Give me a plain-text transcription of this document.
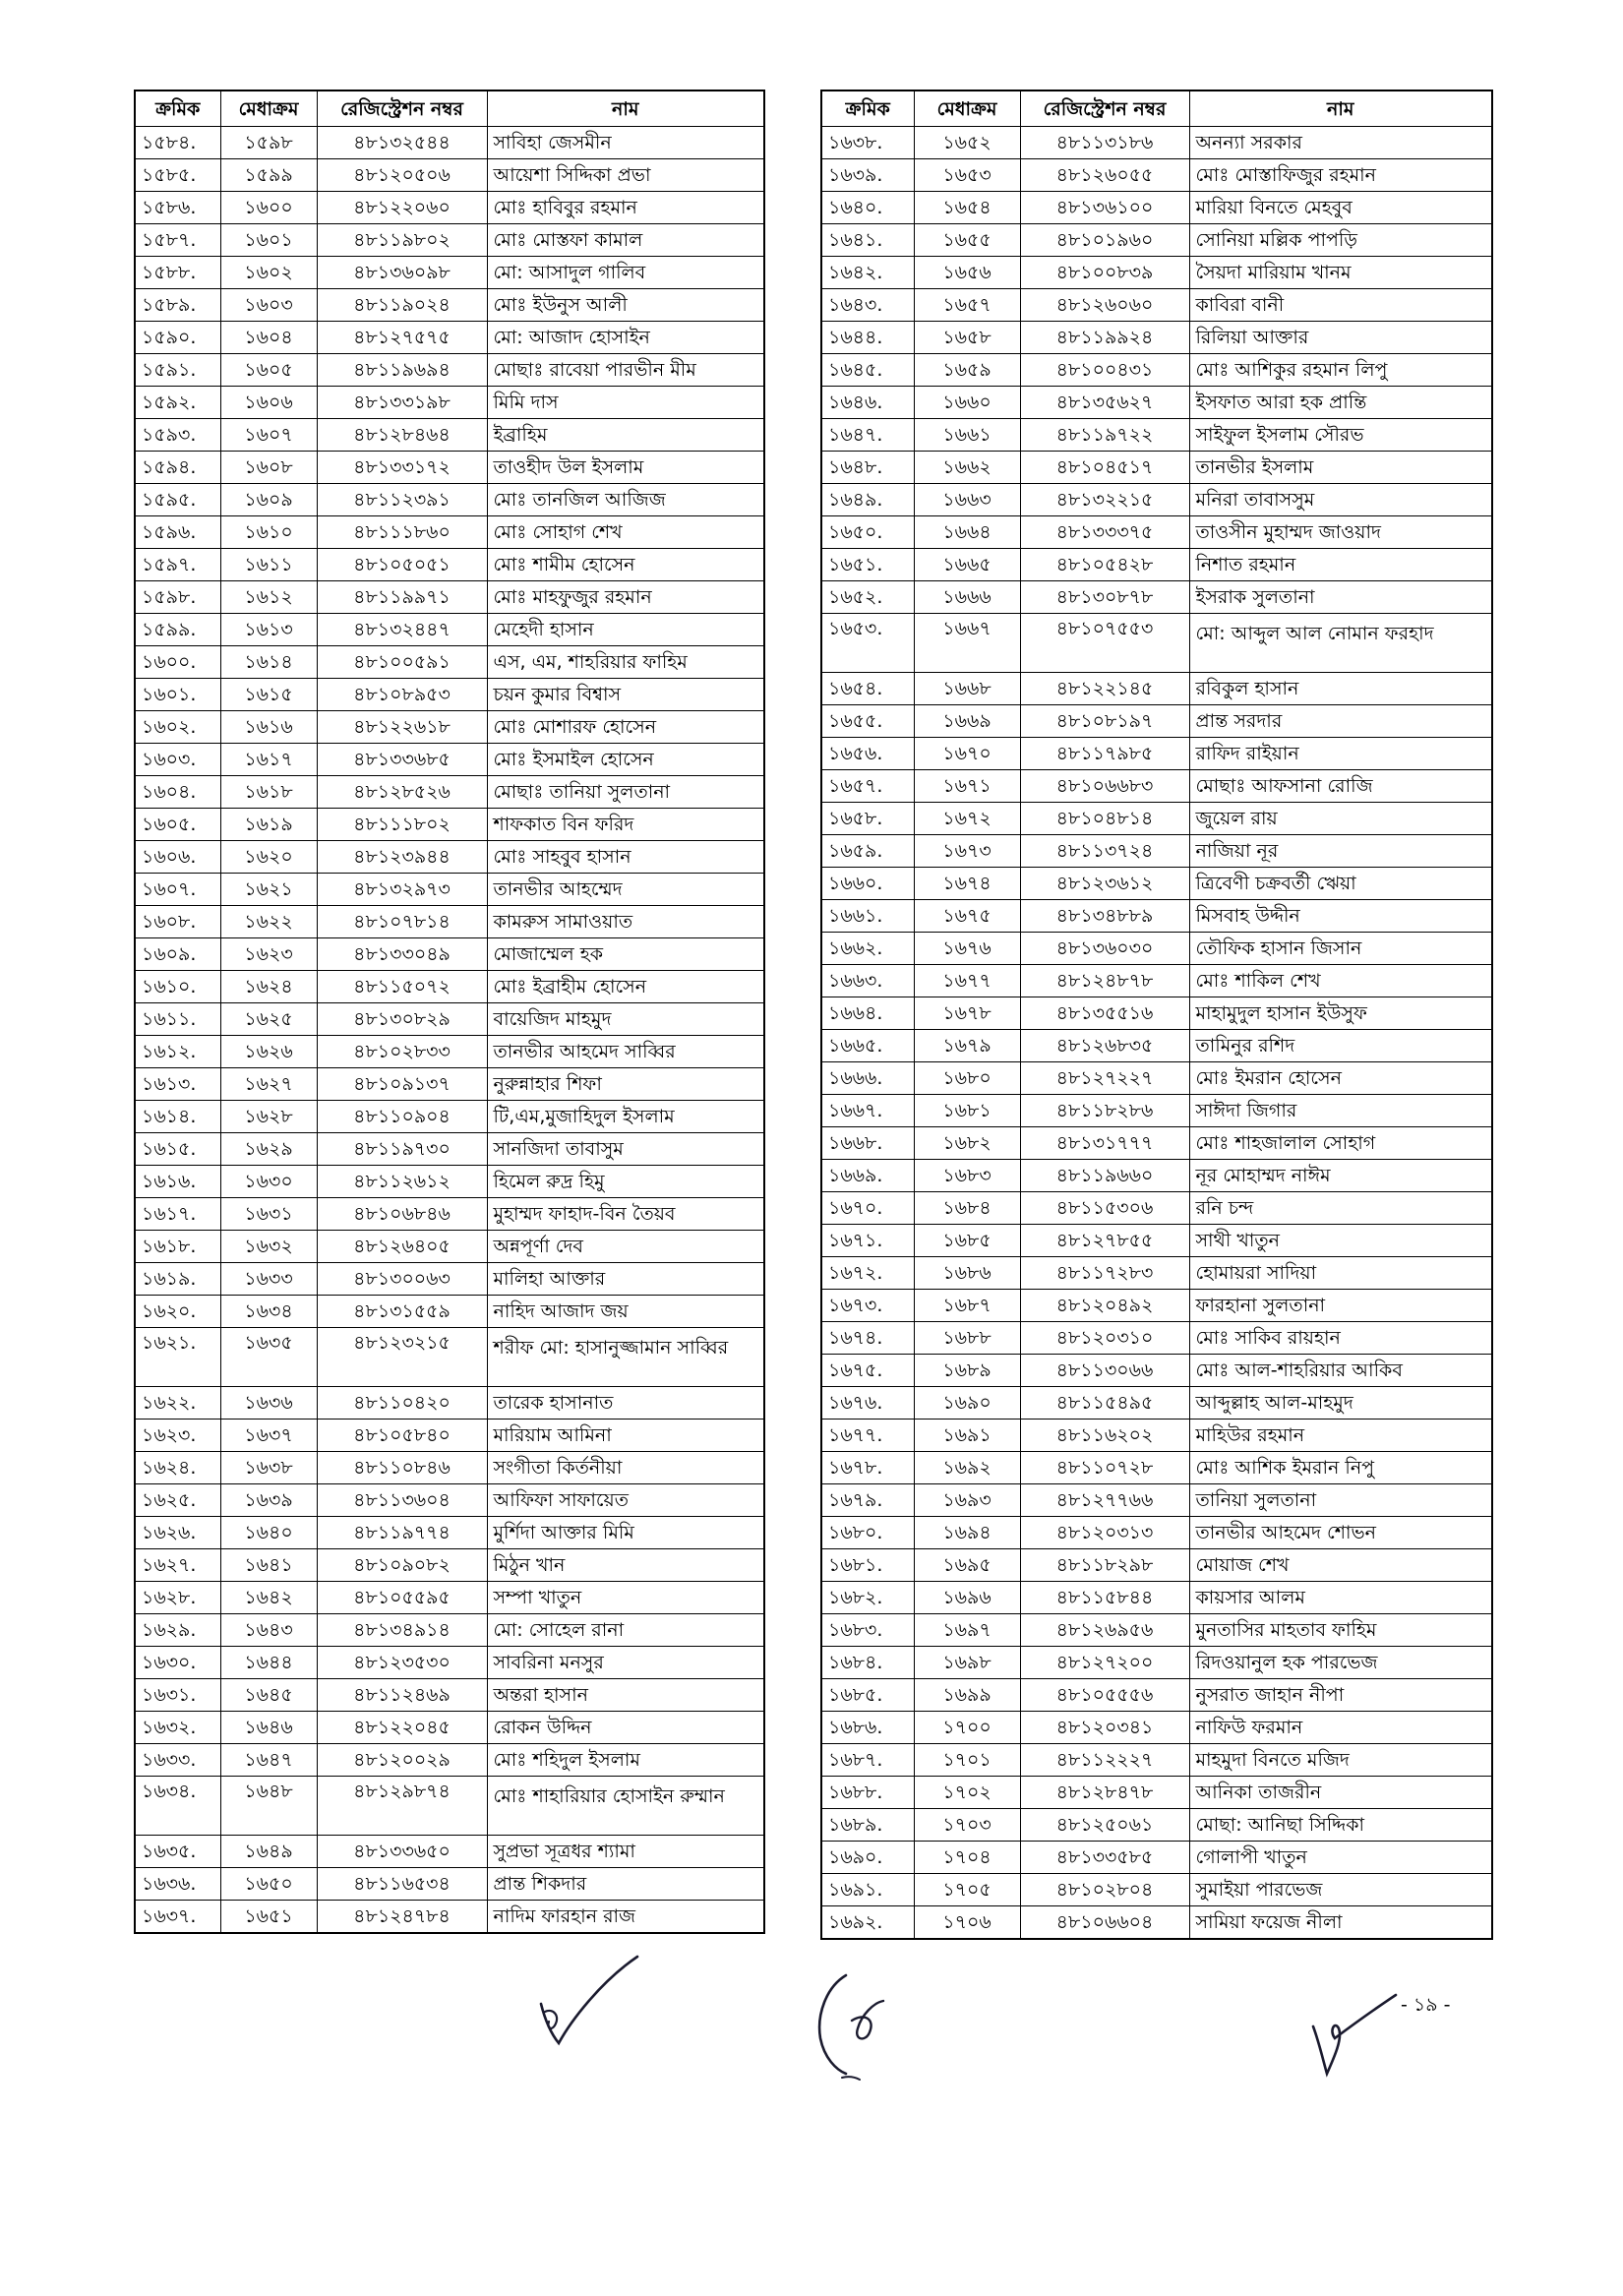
ক্রমিক	মেধাক্রম	রেজিস্ট্রেশন নম্বর	নাম
১৫৮৪.	১৫৯৮	৪৮১৩২৫৪৪	সাবিহা জেসমীন
১৫৮৫.	১৫৯৯	৪৮১২০৫০৬	আয়েশা সিদ্দিকা প্রভা
১৫৮৬.	১৬০০	৪৮১২২০৬০	মোঃ হাবিবুর রহমান
১৫৮৭.	১৬০১	৪৮১১৯৮০২	মোঃ মোস্তফা কামাল
১৫৮৮.	১৬০২	৪৮১৩৬০৯৮	মো: আসাদুল গালিব
১৫৮৯.	১৬০৩	৪৮১১৯০২৪	মোঃ ইউনুস আলী
১৫৯০.	১৬০৪	৪৮১২৭৫৭৫	মো: আজাদ হোসাইন
১৫৯১.	১৬০৫	৪৮১১৯৬৯৪	মোছাঃ রাবেয়া পারভীন মীম
১৫৯২.	১৬০৬	৪৮১৩৩১৯৮	মিমি দাস
১৫৯৩.	১৬০৭	৪৮১২৮৪৬৪	ইব্রাহিম
১৫৯৪.	১৬০৮	৪৮১৩৩১৭২	তাওহীদ উল ইসলাম
১৫৯৫.	১৬০৯	৪৮১১২৩৯১	মোঃ তানজিল আজিজ
১৫৯৬.	১৬১০	৪৮১১১৮৬০	মোঃ সোহাগ শেখ
১৫৯৭.	১৬১১	৪৮১০৫০৫১	মোঃ শামীম হোসেন
১৫৯৮.	১৬১২	৪৮১১৯৯৭১	মোঃ মাহফুজুর রহমান
১৫৯৯.	১৬১৩	৪৮১৩২৪৪৭	মেহেদী হাসান
১৬০০.	১৬১৪	৪৮১০০৫৯১	এস, এম, শাহরিয়ার ফাহিম
১৬০১.	১৬১৫	৪৮১০৮৯৫৩	চয়ন কুমার বিশ্বাস
১৬০২.	১৬১৬	৪৮১২২৬১৮	মোঃ মোশারফ হোসেন
১৬০৩.	১৬১৭	৪৮১৩৩৬৮৫	মোঃ ইসমাইল হোসেন
১৬০৪.	১৬১৮	৪৮১২৮৫২৬	মোছাঃ তানিয়া সুলতানা
১৬০৫.	১৬১৯	৪৮১১১৮০২	শাফকাত বিন ফরিদ
১৬০৬.	১৬২০	৪৮১২৩৯৪৪	মোঃ সাহবুব হাসান
১৬০৭.	১৬২১	৪৮১৩২৯৭৩	তানভীর আহম্মেদ
১৬০৮.	১৬২২	৪৮১০৭৮১৪	কামরুস সামাওয়াত
১৬০৯.	১৬২৩	৪৮১৩৩০৪৯	মোজাম্মেল হক
১৬১০.	১৬২৪	৪৮১১৫০৭২	মোঃ ইব্রাহীম হোসেন
১৬১১.	১৬২৫	৪৮১৩০৮২৯	বায়েজিদ মাহমুদ
১৬১২.	১৬২৬	৪৮১০২৮৩৩	তানভীর আহমেদ সাব্বির
১৬১৩.	১৬২৭	৪৮১০৯১৩৭	নুরুন্নাহার শিফা
১৬১৪.	১৬২৮	৪৮১১০৯০৪	টি,এম,মুজাহিদুল ইসলাম
১৬১৫.	১৬২৯	৪৮১১৯৭৩০	সানজিদা তাবাসুম
১৬১৬.	১৬৩০	৪৮১১২৬১২	হিমেল রুদ্র হিমু
১৬১৭.	১৬৩১	৪৮১০৬৮৪৬	মুহাম্মদ ফাহাদ-বিন তৈয়ব
১৬১৮.	১৬৩২	৪৮১২৬৪০৫	অন্নপূর্ণা দেব
১৬১৯.	১৬৩৩	৪৮১৩০০৬৩	মালিহা আক্তার
১৬২০.	১৬৩৪	৪৮১৩১৫৫৯	নাহিদ আজাদ জয়
১৬২১.	১৬৩৫	৪৮১২৩২১৫	শরীফ মো: হাসানুজ্জামান সাব্বির
১৬২২.	১৬৩৬	৪৮১১০৪২০	তারেক হাসানাত
১৬২৩.	১৬৩৭	৪৮১০৫৮৪০	মারিয়াম আমিনা
১৬২৪.	১৬৩৮	৪৮১১০৮৪৬	সংগীতা কির্তনীয়া
১৬২৫.	১৬৩৯	৪৮১১৩৬০৪	আফিফা সাফায়েত
১৬২৬.	১৬৪০	৪৮১১৯৭৭৪	মুর্শিদা আক্তার মিমি
১৬২৭.	১৬৪১	৪৮১০৯০৮২	মিঠুন খান
১৬২৮.	১৬৪২	৪৮১০৫৫৯৫	সম্পা খাতুন
১৬২৯.	১৬৪৩	৪৮১৩৪৯১৪	মো: সোহেল রানা
১৬৩০.	১৬৪৪	৪৮১২৩৫৩০	সাবরিনা মনসুর
১৬৩১.	১৬৪৫	৪৮১১২৪৬৯	অন্তরা হাসান
১৬৩২.	১৬৪৬	৪৮১২২০৪৫	রোকন উদ্দিন
১৬৩৩.	১৬৪৭	৪৮১২০০২৯	মোঃ শহিদুল ইসলাম
১৬৩৪.	১৬৪৮	৪৮১২৯৮৭৪	মোঃ শাহারিয়ার হোসাইন রুম্মান
১৬৩৫.	১৬৪৯	৪৮১৩৩৬৫০	সুপ্রভা সূত্রধর শ্যামা
১৬৩৬.	১৬৫০	৪৮১১৬৫৩৪	প্রান্ত শিকদার
১৬৩৭.	১৬৫১	৪৮১২৪৭৮৪	নাদিম ফারহান রাজ
ক্রমিক	মেধাক্রম	রেজিস্ট্রেশন নম্বর	নাম
১৬৩৮.	১৬৫২	৪৮১১৩১৮৬	অনন্যা সরকার
১৬৩৯.	১৬৫৩	৪৮১২৬০৫৫	মোঃ মোস্তাফিজুর রহমান
১৬৪০.	১৬৫৪	৪৮১৩৬১০০	মারিয়া বিনতে মেহবুব
১৬৪১.	১৬৫৫	৪৮১০১৯৬০	সোনিয়া মল্লিক পাপড়ি
১৬৪২.	১৬৫৬	৪৮১০০৮৩৯	সৈয়দা মারিয়াম খানম
১৬৪৩.	১৬৫৭	৪৮১২৬০৬০	কাবিরা বানী
১৬৪৪.	১৬৫৮	৪৮১১৯৯২৪	রিলিয়া আক্তার
১৬৪৫.	১৬৫৯	৪৮১০০৪৩১	মোঃ আশিকুর রহমান লিপু
১৬৪৬.	১৬৬০	৪৮১৩৫৬২৭	ইসফাত আরা হক প্রান্তি
১৬৪৭.	১৬৬১	৪৮১১৯৭২২	সাইফুল ইসলাম সৌরভ
১৬৪৮.	১৬৬২	৪৮১০৪৫১৭	তানভীর ইসলাম
১৬৪৯.	১৬৬৩	৪৮১৩২২১৫	মনিরা তাবাসসুম
১৬৫০.	১৬৬৪	৪৮১৩৩৩৭৫	তাওসীন মুহাম্মদ জাওয়াদ
১৬৫১.	১৬৬৫	৪৮১০৫৪২৮	নিশাত রহমান
১৬৫২.	১৬৬৬	৪৮১৩০৮৭৮	ইসরাক সুলতানা
১৬৫৩.	১৬৬৭	৪৮১০৭৫৫৩	মো: আব্দুল আল নোমান ফরহাদ
১৬৫৪.	১৬৬৮	৪৮১২২১৪৫	রবিকুল হাসান
১৬৫৫.	১৬৬৯	৪৮১০৮১৯৭	প্রান্ত সরদার
১৬৫৬.	১৬৭০	৪৮১১৭৯৮৫	রাফিদ রাইয়ান
১৬৫৭.	১৬৭১	৪৮১০৬৬৮৩	মোছাঃ আফসানা রোজি
১৬৫৮.	১৬৭২	৪৮১০৪৮১৪	জুয়েল রায়
১৬৫৯.	১৬৭৩	৪৮১১৩৭২৪	নাজিয়া নূর
১৬৬০.	১৬৭৪	৪৮১২৩৬১২	ত্রিবেণী চক্রবর্তী ঋেয়া
১৬৬১.	১৬৭৫	৪৮১৩৪৮৮৯	মিসবাহ উদ্দীন
১৬৬২.	১৬৭৬	৪৮১৩৬০৩০	তৌফিক হাসান জিসান
১৬৬৩.	১৬৭৭	৪৮১২৪৮৭৮	মোঃ শাকিল শেখ
১৬৬৪.	১৬৭৮	৪৮১৩৫৫১৬	মাহামুদুল হাসান ইউসুফ
১৬৬৫.	১৬৭৯	৪৮১২৬৮৩৫	তামিনুর রশিদ
১৬৬৬.	১৬৮০	৪৮১২৭২২৭	মোঃ ইমরান হোসেন
১৬৬৭.	১৬৮১	৪৮১১৮২৮৬	সাঈদা জিগার
১৬৬৮.	১৬৮২	৪৮১৩১৭৭৭	মোঃ শাহজালাল সোহাগ
১৬৬৯.	১৬৮৩	৪৮১১৯৬৬০	নূর মোহাম্মদ নাঈম
১৬৭০.	১৬৮৪	৪৮১১৫৩০৬	রনি চন্দ
১৬৭১.	১৬৮৫	৪৮১২৭৮৫৫	সাথী খাতুন
১৬৭২.	১৬৮৬	৪৮১১৭২৮৩	হোমায়রা সাদিয়া
১৬৭৩.	১৬৮৭	৪৮১২০৪৯২	ফারহানা সুলতানা
১৬৭৪.	১৬৮৮	৪৮১২০৩১০	মোঃ সাকিব রায়হান
১৬৭৫.	১৬৮৯	৪৮১১৩০৬৬	মোঃ আল-শাহরিয়ার আকিব
১৬৭৬.	১৬৯০	৪৮১১৫৪৯৫	আব্দুল্লাহ আল-মাহমুদ
১৬৭৭.	১৬৯১	৪৮১১৬২০২	মাহিউর রহমান
১৬৭৮.	১৬৯২	৪৮১১০৭২৮	মোঃ আশিক ইমরান নিপু
১৬৭৯.	১৬৯৩	৪৮১২৭৭৬৬	তানিয়া সুলতানা
১৬৮০.	১৬৯৪	৪৮১২০৩১৩	তানভীর আহমেদ শোভন
১৬৮১.	১৬৯৫	৪৮১১৮২৯৮	মোয়াজ শেখ
১৬৮২.	১৬৯৬	৪৮১১৫৮৪৪	কায়সার আলম
১৬৮৩.	১৬৯৭	৪৮১২৬৯৫৬	মুনতাসির মাহতাব ফাহিম
১৬৮৪.	১৬৯৮	৪৮১২৭২০০	রিদওয়ানুল হক পারভেজ
১৬৮৫.	১৬৯৯	৪৮১০৫৫৫৬	নুসরাত জাহান নীপা
১৬৮৬.	১৭০০	৪৮১২০৩৪১	নাফিউ ফরমান
১৬৮৭.	১৭০১	৪৮১১২২২৭	মাহমুদা বিনতে মজিদ
১৬৮৮.	১৭০২	৪৮১২৮৪৭৮	আনিকা তাজরীন
১৬৮৯.	১৭০৩	৪৮১২৫০৬১	মোছা: আনিছা সিদ্দিকা
১৬৯০.	১৭০৪	৪৮১৩৩৫৮৫	গোলাপী খাতুন
১৬৯১.	১৭০৫	৪৮১০২৮০৪	সুমাইয়া পারভেজ
১৬৯২.	১৭০৬	৪৮১০৬৬০৪	সামিয়া ফয়েজ নীলা
- ১৯ -
